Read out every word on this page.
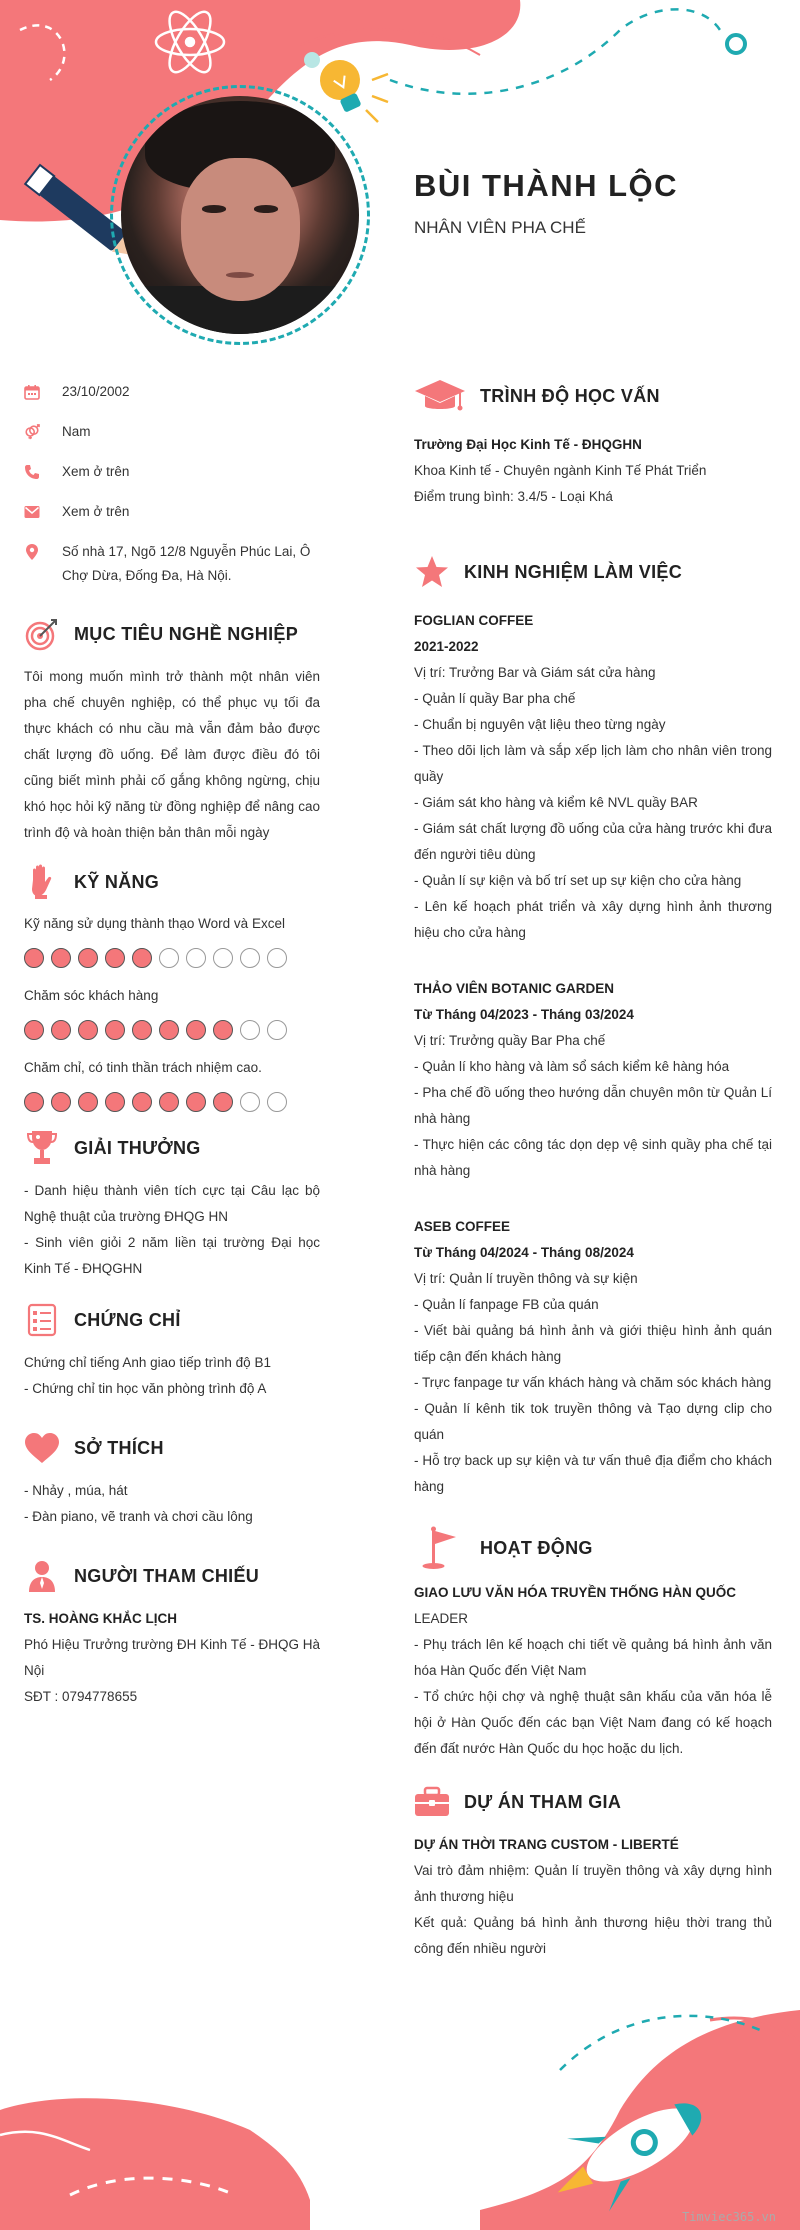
BÙI THÀNH LỘC
NHÂN VIÊN PHA CHẾ
23/10/2002
Nam
Xem ở trên
Xem ở trên
Số nhà 17, Ngõ 12/8 Nguyễn Phúc Lai, Ô Chợ Dừa, Đống Đa, Hà Nội.
MỤC TIÊU NGHỀ NGHIỆP

Tôi mong muốn mình trở thành một nhân viên pha chế chuyên nghiệp, có thể phục vụ tối đa thực khách có nhu cầu mà vẫn đảm bảo được chất lượng đồ uống. Để làm được điều đó tôi cũng biết mình phải cố gắng không ngừng, chịu khó học hỏi kỹ năng từ đồng nghiệp để nâng cao trình độ và hoàn thiện bản thân mỗi ngày

KỸ NĂNG
Kỹ năng sử dụng thành thạo Word và Excel
Chăm sóc khách hàng
Chăm chỉ, có tinh thần trách nhiệm cao.
GIẢI THƯỞNG

- Danh hiệu thành viên tích cực tại Câu lạc bộ Nghệ thuật của trường ĐHQG HN

- Sinh viên giỏi 2 năm liền tại trường Đại học Kinh Tế - ĐHQGHN

CHỨNG CHỈ

Chứng chỉ tiếng Anh giao tiếp trình độ B1

- Chứng chỉ tin học văn phòng trình độ A

SỞ THÍCH

- Nhảy , múa, hát

- Đàn piano, vẽ tranh và chơi cầu lông

NGƯỜI THAM CHIẾU

TS. HOÀNG KHẮC LỊCH

Phó Hiệu Trưởng trường ĐH Kinh Tế - ĐHQG Hà Nội

SĐT : 0794778655

TRÌNH ĐỘ HỌC VẤN

Trường Đại Học Kinh Tế - ĐHQGHN

Khoa Kinh tế - Chuyên ngành Kinh Tế Phát Triển

Điểm trung bình: 3.4/5 - Loại Khá

KINH NGHIỆM LÀM VIỆC

FOGLIAN COFFEE

2021-2022

Vị trí: Trưởng Bar và Giám sát cửa hàng

- Quản lí quầy Bar pha chế

- Chuẩn bị nguyên vật liệu theo từng ngày

- Theo dõi lịch làm và sắp xếp lịch làm cho nhân viên trong quầy

- Giám sát kho hàng và kiểm kê NVL quầy BAR

- Giám sát chất lượng đồ uống của cửa hàng trước khi đưa đến người tiêu dùng

- Quản lí sự kiện và bố trí set up sự kiện cho cửa hàng

- Lên kế hoạch phát triển và xây dựng hình ảnh thương hiệu cho cửa hàng

THẢO VIÊN BOTANIC GARDEN

Từ Tháng 04/2023 - Tháng 03/2024

Vị trí: Trưởng quầy Bar Pha chế

- Quản lí kho hàng và làm sổ sách kiểm kê hàng hóa

- Pha chế đồ uống theo hướng dẫn chuyên môn từ Quản Lí nhà hàng

- Thực hiện các công tác dọn dẹp vệ sinh quầy pha chế tại nhà hàng

ASEB COFFEE

Từ Tháng 04/2024 - Tháng 08/2024

Vị trí: Quản lí truyền thông và sự kiện

- Quản lí fanpage FB của quán

- Viết bài quảng bá hình ảnh và giới thiệu hình ảnh quán tiếp cận đến khách hàng

- Trực fanpage tư vấn khách hàng và chăm sóc khách hàng

- Quản lí kênh tik tok truyền thông và Tạo dựng clip cho quán

- Hỗ trợ back up sự kiện và tư vấn thuê địa điểm cho khách hàng

HOẠT ĐỘNG

GIAO LƯU VĂN HÓA TRUYỀN THỐNG HÀN QUỐC

LEADER

- Phụ trách lên kế hoạch chi tiết về quảng bá hình ảnh văn hóa Hàn Quốc đến Việt Nam

- Tổ chức hội chợ và nghệ thuật sân khấu của văn hóa lễ hội ở Hàn Quốc đến các bạn Việt Nam đang có kế hoạch đến đất nước Hàn Quốc du học hoặc du lịch.

DỰ ÁN THAM GIA

DỰ ÁN THỜI TRANG CUSTOM - LIBERTÉ

Vai trò đảm nhiệm: Quản lí truyền thông và xây dựng hình ảnh thương hiệu

Kết quả: Quảng bá hình ảnh thương hiệu thời trang thủ công đến nhiều người

Timviec365.vn
